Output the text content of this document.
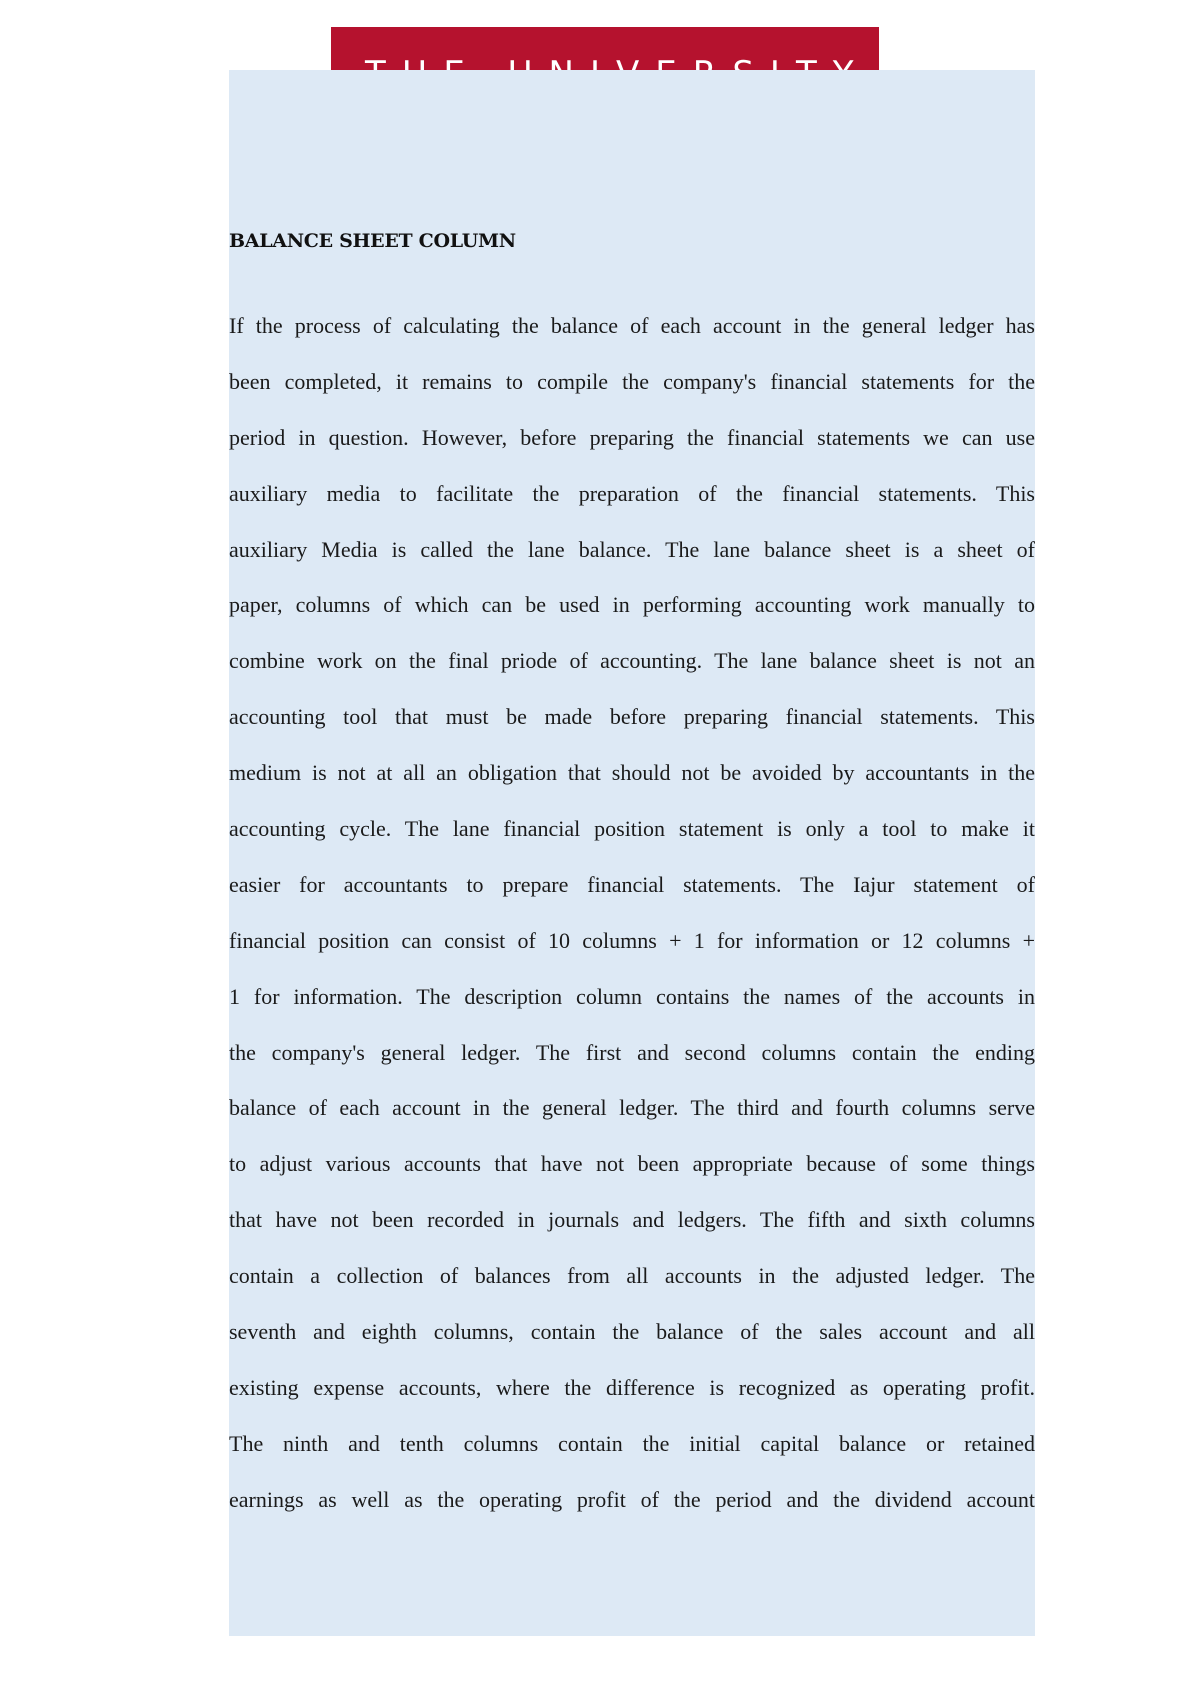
BALANCE SHEET COLUMN
If the process of calculating the balance of each account in the general ledger has
been completed, it remains to compile the company's financial statements for the
period in question. However, before preparing the financial statements we can use
auxiliary media to facilitate the preparation of the financial statements. This
auxiliary Media is called the lane balance. The lane balance sheet is a sheet of
paper, columns of which can be used in performing accounting work manually to
combine work on the final priode of accounting. The lane balance sheet is not an
accounting tool that must be made before preparing financial statements. This
medium is not at all an obligation that should not be avoided by accountants in the
accounting cycle. The lane financial position statement is only a tool to make it
easier for accountants to prepare financial statements. The Iajur statement of
financial position can consist of 10 columns + 1 for information or 12 columns +
1 for information. The description column contains the names of the accounts in
the company's general ledger. The first and second columns contain the ending
balance of each account in the general ledger. The third and fourth columns serve
to adjust various accounts that have not been appropriate because of some things
that have not been recorded in journals and ledgers. The fifth and sixth columns
contain a collection of balances from all accounts in the adjusted ledger. The
seventh and eighth columns, contain the balance of the sales account and all
existing expense accounts, where the difference is recognized as operating profit.
The ninth and tenth columns contain the initial capital balance or retained
earnings as well as the operating profit of the period and the dividend account
